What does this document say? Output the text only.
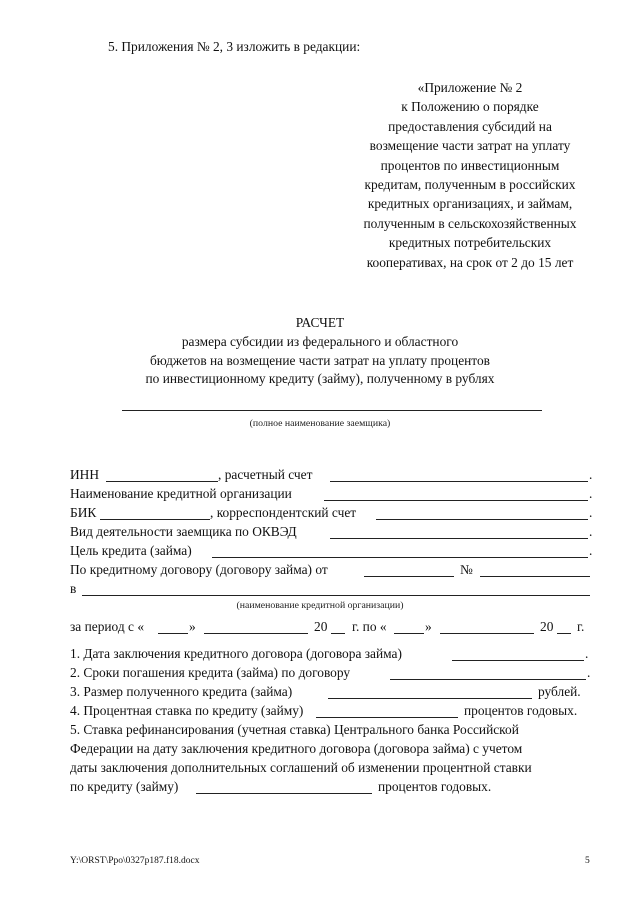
5. Приложения № 2, 3 изложить в редакции:
«Приложение № 2
к Положению о порядке
предоставления субсидий на
возмещение части затрат на уплату
процентов по инвестиционным
кредитам, полученным в российских
кредитных организациях, и займам,
полученным в сельскохозяйственных
кредитных потребительских
кооперативах, на срок от 2 до 15 лет
РАСЧЕТ
размера субсидии из федерального и областного
бюджетов на возмещение части затрат на уплату процентов
по инвестиционному кредиту (займу), полученному в рублях
(полное наименование заемщика)
ИНН	, расчетный счет	.
Наименование кредитной организации	.
БИК	, корреспондентский счет	.
Вид деятельности заемщика по ОКВЭД	.
Цель кредита (займа)	.
По кредитному договору (договору займа) от	№
в
(наименование кредитной организации)
за период с «	»	20 г. по «	»	20 г.
1. Дата заключения кредитного договора (договора займа)	.
2. Сроки погашения кредита (займа) по договору	.
3. Размер полученного кредита (займа)	рублей.
4. Процентная ставка по кредиту (займу)	процентов годовых.
5. Ставка рефинансирования (учетная ставка) Центрального банка Российской
Федерации на дату заключения кредитного договора (договора займа) с учетом
даты заключения дополнительных соглашений об изменении процентной ставки
по кредиту (займу)	процентов годовых.
Y:\ORST\Ppo\0327p187.f18.docx	5
